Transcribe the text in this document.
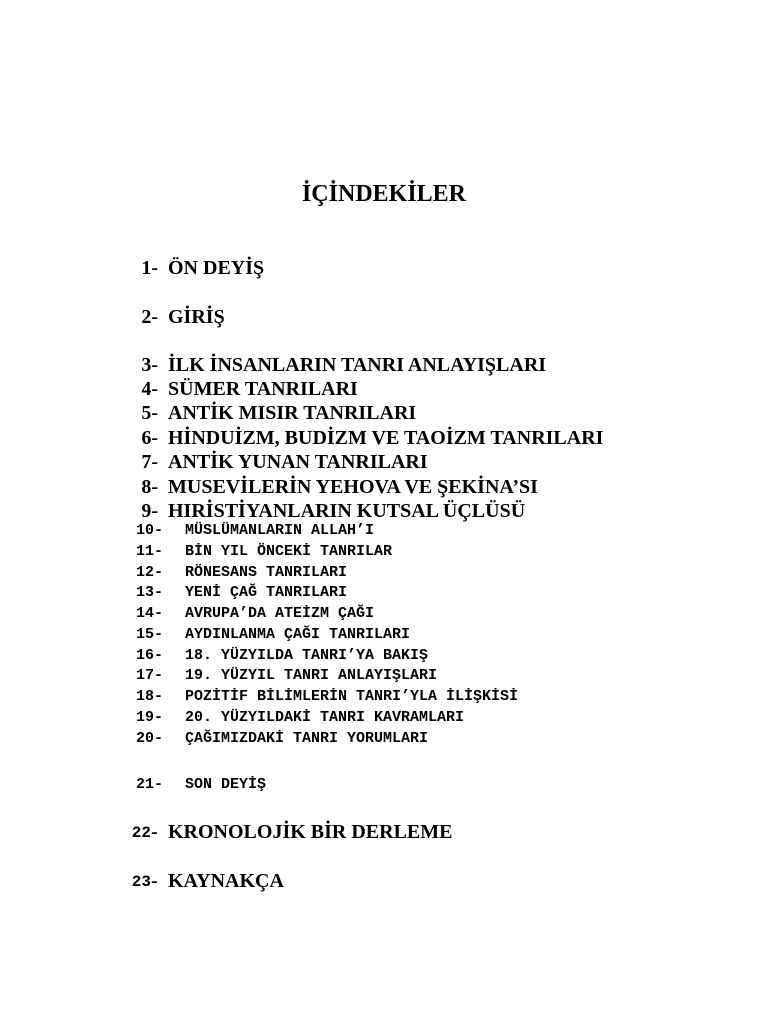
İÇİNDEKİLER
1- ÖN DEYİŞ
2- GİRİŞ
3- İLK İNSANLARIN TANRI ANLAYIŞLARI
4- SÜMER TANRILARI
5- ANTİK MISIR TANRILARI
6- HİNDUİZM, BUDİZM VE TAOİZM TANRILARI
7- ANTİK YUNAN TANRILARI
8- MUSEVİLERİN YEHOVA VE ŞEKİNA’SI
9- HIRİSTİYANLARIN KUTSAL ÜÇLÜSÜ
10- MÜSLÜMANLARIN ALLAH’I
11- BİN YIL ÖNCEKİ TANRILAR
12- RÖNESANS TANRILARI
13- YENİ ÇAĞ TANRILARI
14- AVRUPA’DA ATEİZM ÇAĞI
15- AYDINLANMA ÇAĞI TANRILARI
16- 18. YÜZYILDA TANRI’YA BAKIŞ
17- 19. YÜZYIL TANRI ANLAYIŞLARI
18- POZİTİF BİLİMLERİN TANRI’YLA İLİŞKİSİ
19- 20. YÜZYILDAKİ TANRI KAVRAMLARI
20- ÇAĞIMIZDAKİ TANRI YORUMLARI
21- SON DEYİŞ
22 - KRONOLOJİK BİR DERLEME
23 - KAYNAKÇA
